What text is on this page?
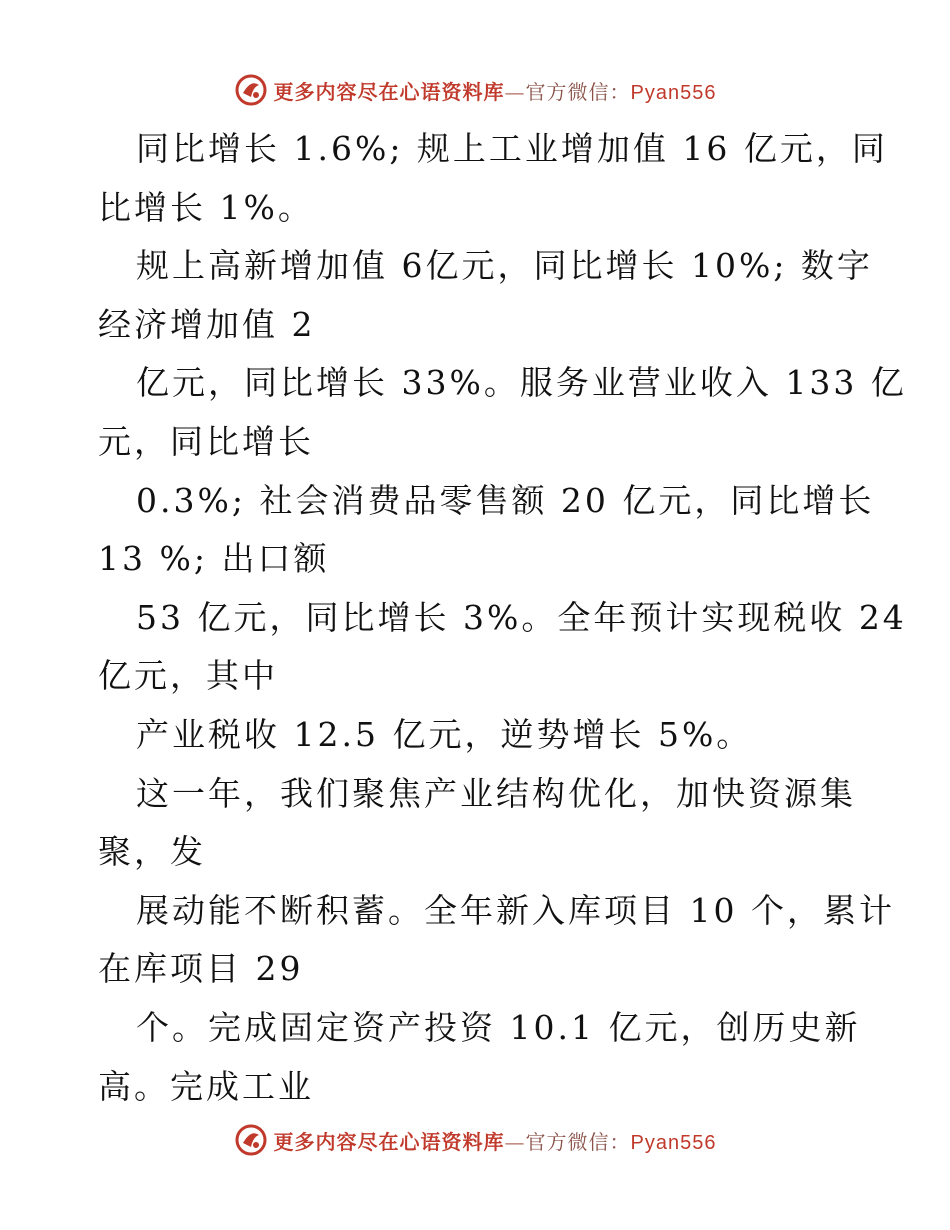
更多内容尽在心语资料库—官方微信：Pyan556
同比增长 1.6%; 规上工业增加值 16 亿元，同
比增长 1%。
规上高新增加值 6亿元，同比增长 10%; 数字
经济增加值 2
亿元，同比增长 33%。服务业营业收入 133 亿
元，同比增长
0.3%; 社会消费品零售额 20 亿元，同比增长
13 %; 出口额
53 亿元，同比增长 3%。全年预计实现税收 24
亿元，其中
产业税收 12.5 亿元，逆势增长 5%。
这一年，我们聚焦产业结构优化，加快资源集
聚，发
展动能不断积蓄。全年新入库项目 10 个，累计
在库项目 29
个。完成固定资产投资 10.1 亿元，创历史新
高。完成工业
更多内容尽在心语资料库—官方微信：Pyan556
